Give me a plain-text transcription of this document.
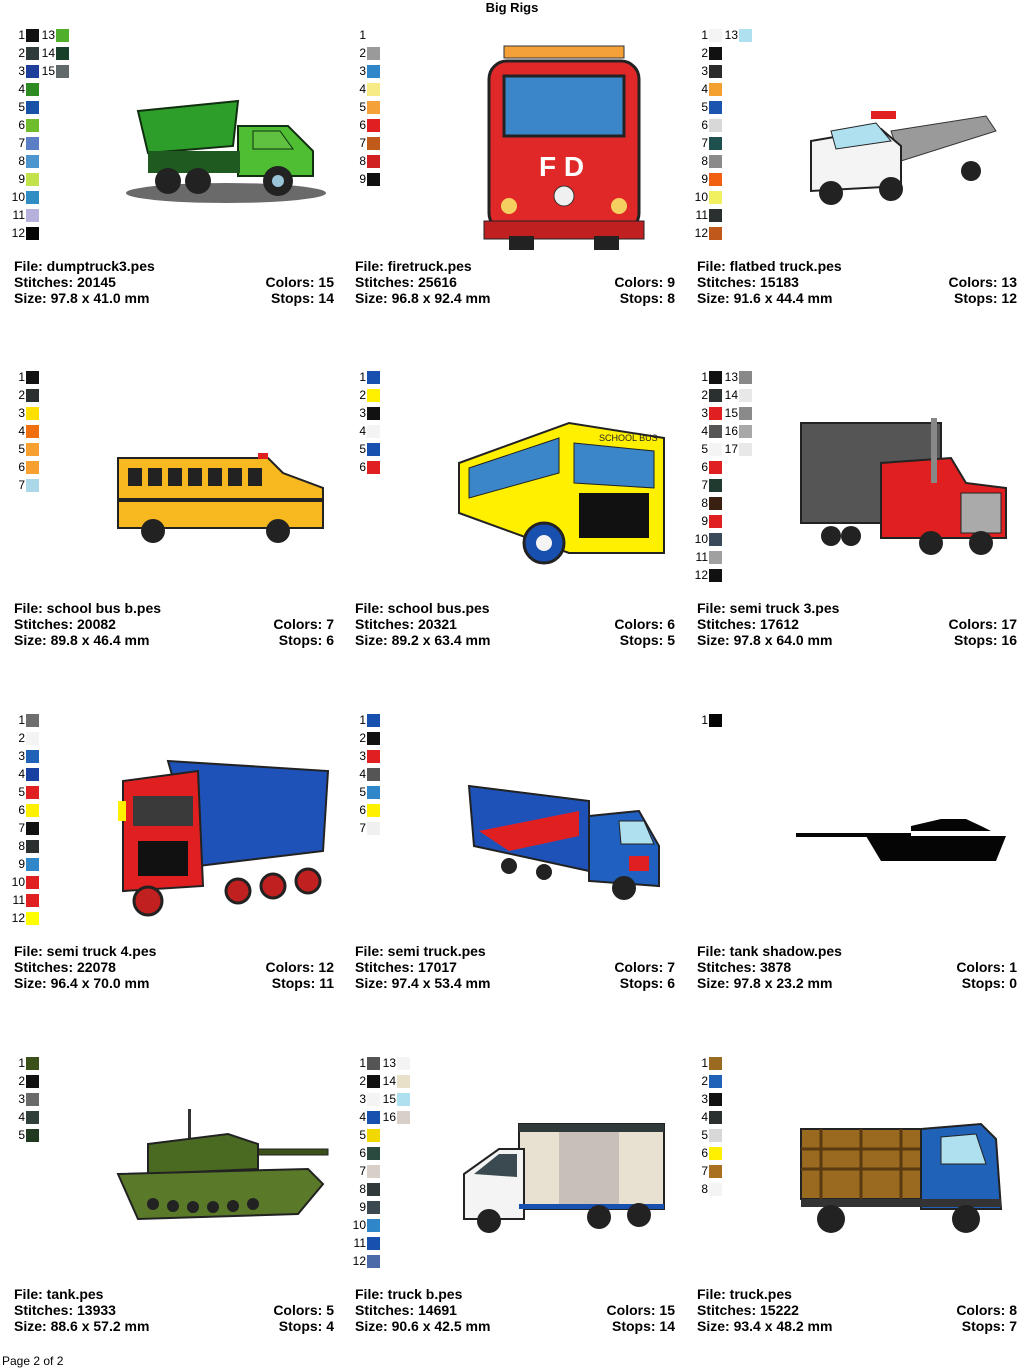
Big Rigs
1
2
3
4
5
6
7
8
9
10
11
12
13
14
15
File: dumptruck3.pes
Stitches: 20145	Colors: 15
Size: 97.8 x 41.0 mm	Stops: 14
1
2
3
4
5
6
7
8
9	F D
File: firetruck.pes
Stitches: 25616	Colors: 9
Size: 96.8 x 92.4 mm	Stops: 8
1
2
3
4
5
6
7
8
9
10
11
12
13
File: flatbed truck.pes
Stitches: 15183	Colors: 13
Size: 91.6 x 44.4 mm	Stops: 12
1
2
3
4
5
6
7
File: school bus b.pes
Stitches: 20082	Colors: 7
Size: 89.8 x 46.4 mm	Stops: 6
1
2
3
4
5
6
SCHOOL BUS
File: school bus.pes
Stitches: 20321	Colors: 6
Size: 89.2 x 63.4 mm	Stops: 5
1
2
3
4
5
6
7
8
9
10
11
12
13
14
15
16
17
File: semi truck 3.pes
Stitches: 17612	Colors: 17
Size: 97.8 x 64.0 mm	Stops: 16
1
2
3
4
5
6
7
8
9
10
11
12
File: semi truck 4.pes
Stitches: 22078	Colors: 12
Size: 96.4 x 70.0 mm	Stops: 11
1
2
3
4
5
6
7
File: semi truck.pes
Stitches: 17017	Colors: 7
Size: 97.4 x 53.4 mm	Stops: 6
1
File: tank shadow.pes
Stitches: 3878	Colors: 1
Size: 97.8 x 23.2 mm	Stops: 0
1
2
3
4
5
File: tank.pes
Stitches: 13933	Colors: 5
Size: 88.6 x 57.2 mm	Stops: 4
1
2
3
4
5
6
7
8
9
10
11
12
13
14
15
16
File: truck b.pes
Stitches: 14691	Colors: 15
Size: 90.6 x 42.5 mm	Stops: 14
1
2
3
4
5
6
7
8
File: truck.pes
Stitches: 15222	Colors: 8
Size: 93.4 x 48.2 mm	Stops: 7
Page 2 of 2
